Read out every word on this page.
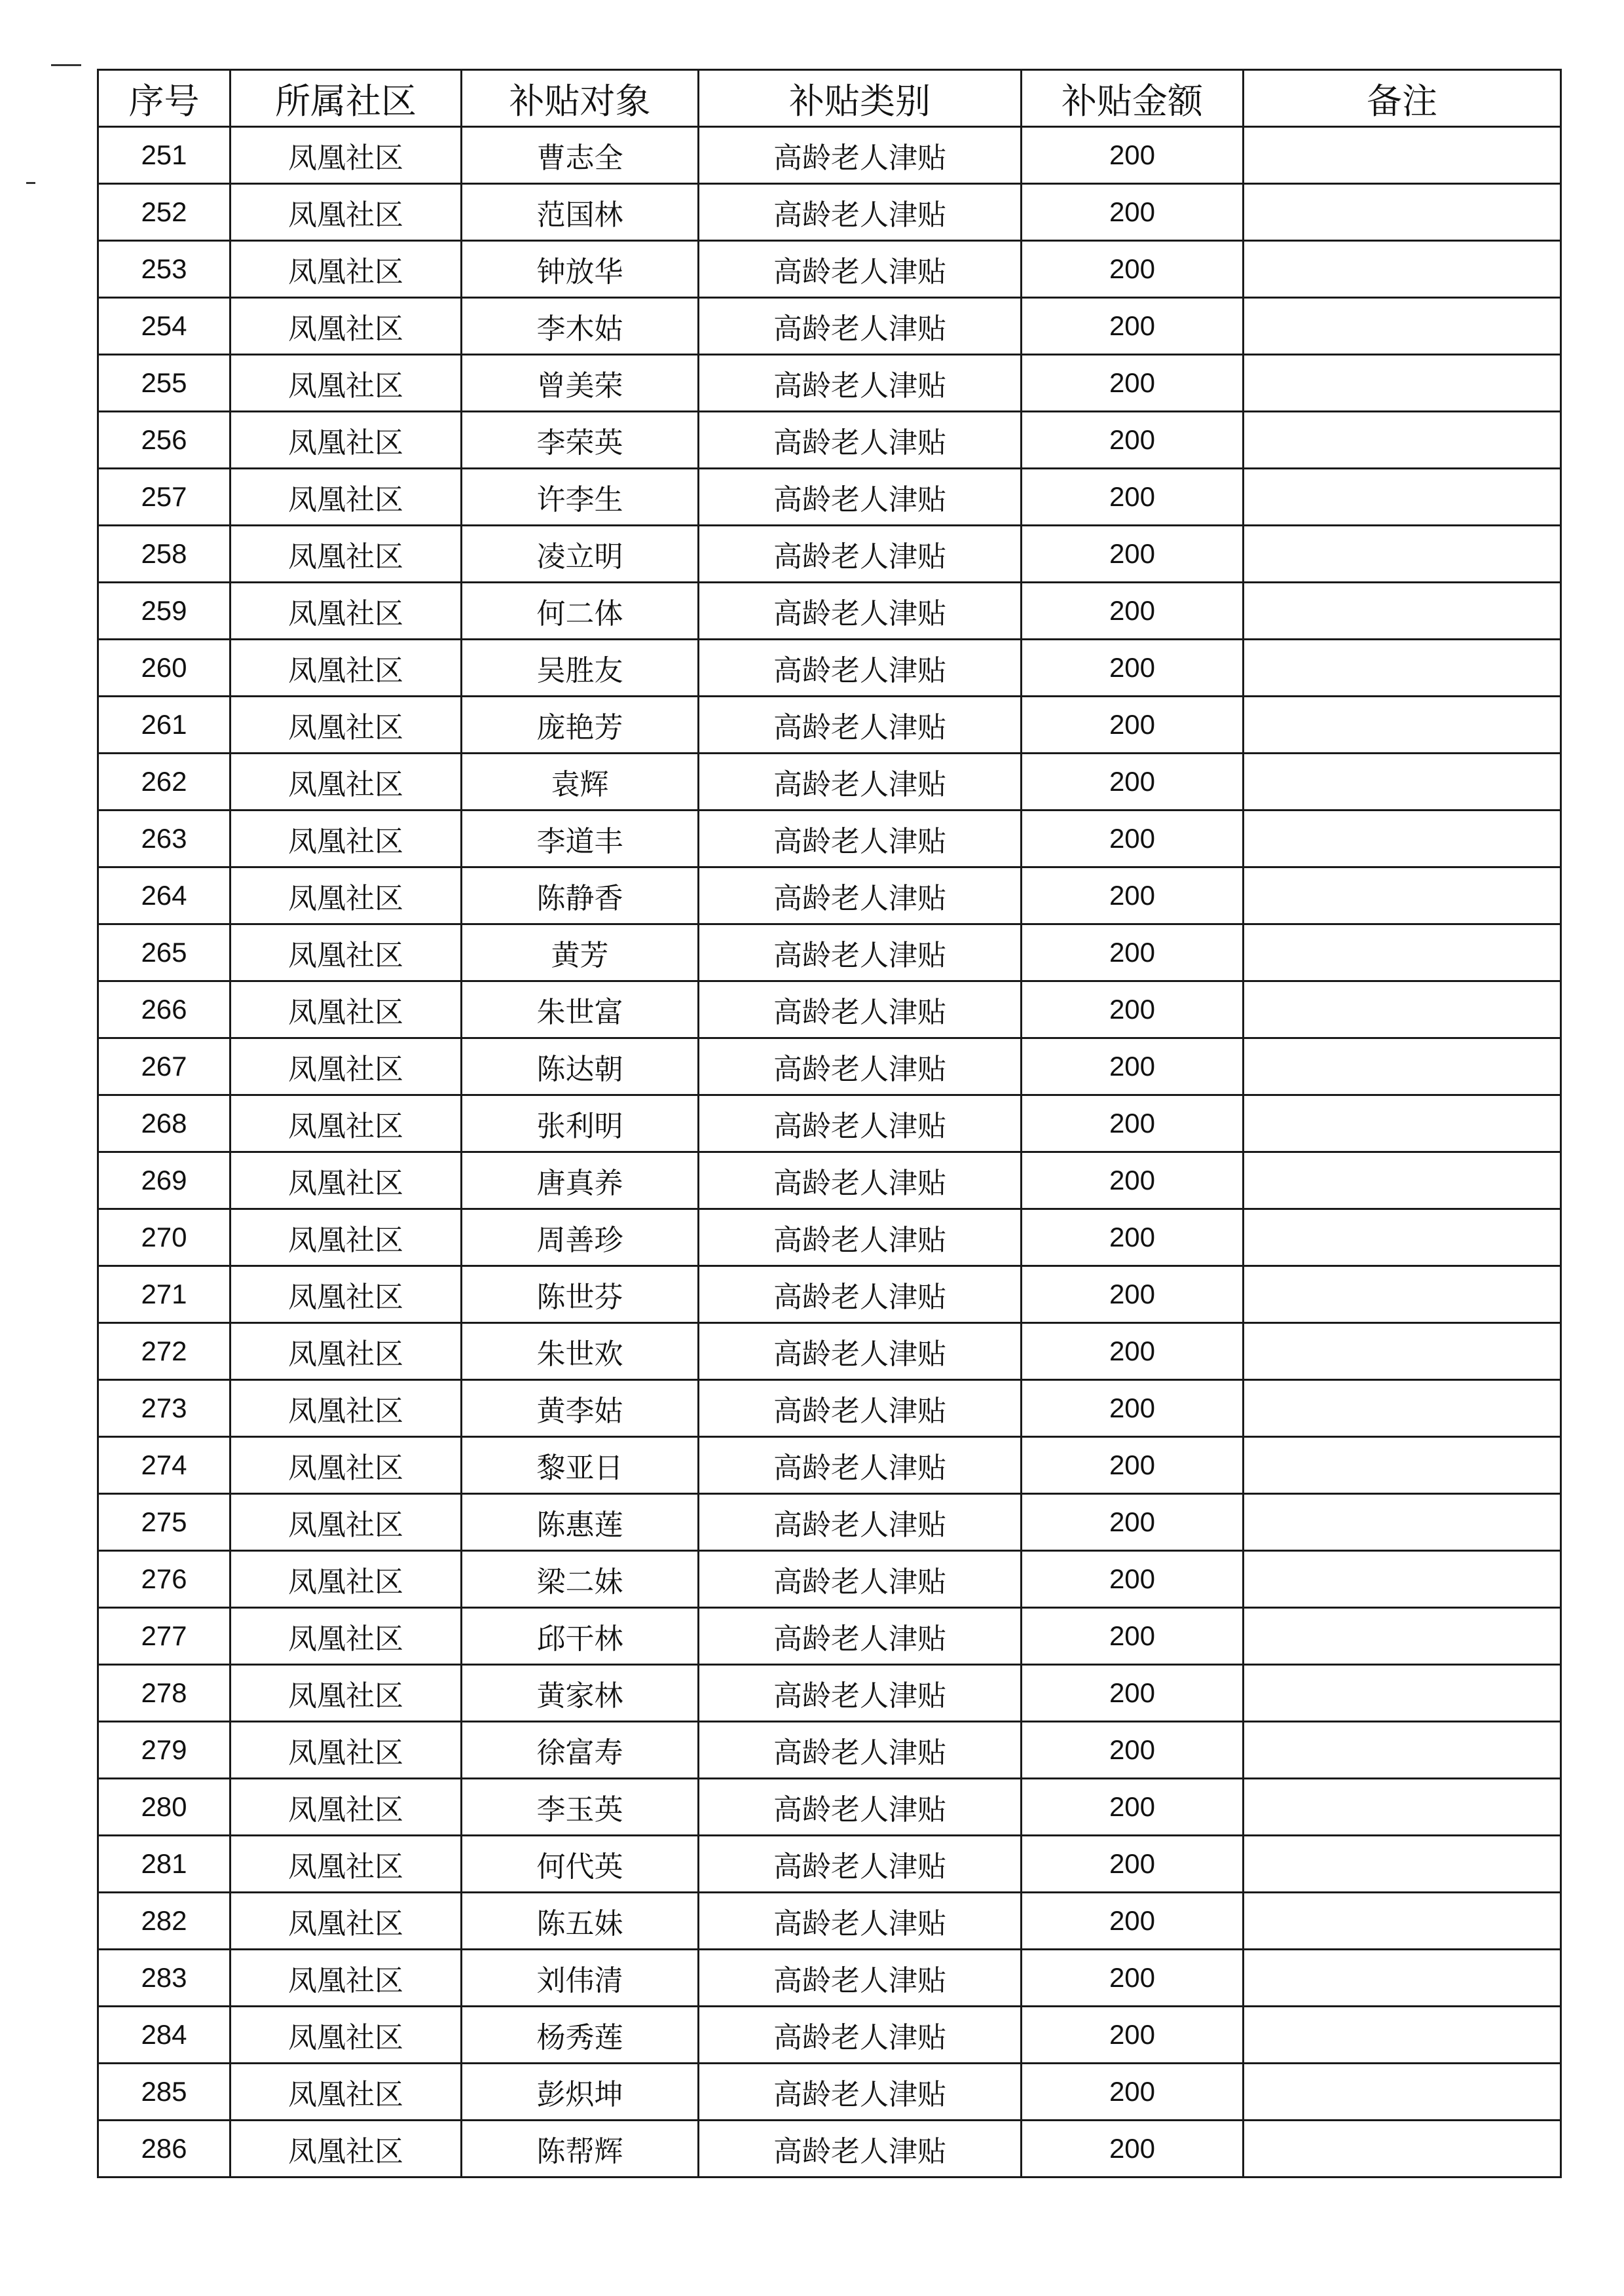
序号	所属社区	补贴对象	补贴类别	补贴金额	备注
251	凤凰社区	曹志全	高龄老人津贴	200	
252	凤凰社区	范国林	高龄老人津贴	200	
253	凤凰社区	钟放华	高龄老人津贴	200	
254	凤凰社区	李木姑	高龄老人津贴	200	
255	凤凰社区	曾美荣	高龄老人津贴	200	
256	凤凰社区	李荣英	高龄老人津贴	200	
257	凤凰社区	许李生	高龄老人津贴	200	
258	凤凰社区	凌立明	高龄老人津贴	200	
259	凤凰社区	何二体	高龄老人津贴	200	
260	凤凰社区	吴胜友	高龄老人津贴	200	
261	凤凰社区	庞艳芳	高龄老人津贴	200	
262	凤凰社区	袁辉	高龄老人津贴	200	
263	凤凰社区	李道丰	高龄老人津贴	200	
264	凤凰社区	陈静香	高龄老人津贴	200	
265	凤凰社区	黄芳	高龄老人津贴	200	
266	凤凰社区	朱世富	高龄老人津贴	200	
267	凤凰社区	陈达朝	高龄老人津贴	200	
268	凤凰社区	张利明	高龄老人津贴	200	
269	凤凰社区	唐真养	高龄老人津贴	200	
270	凤凰社区	周善珍	高龄老人津贴	200	
271	凤凰社区	陈世芬	高龄老人津贴	200	
272	凤凰社区	朱世欢	高龄老人津贴	200	
273	凤凰社区	黄李姑	高龄老人津贴	200	
274	凤凰社区	黎亚日	高龄老人津贴	200	
275	凤凰社区	陈惠莲	高龄老人津贴	200	
276	凤凰社区	梁二妹	高龄老人津贴	200	
277	凤凰社区	邱干林	高龄老人津贴	200	
278	凤凰社区	黄家林	高龄老人津贴	200	
279	凤凰社区	徐富寿	高龄老人津贴	200	
280	凤凰社区	李玉英	高龄老人津贴	200	
281	凤凰社区	何代英	高龄老人津贴	200	
282	凤凰社区	陈五妹	高龄老人津贴	200	
283	凤凰社区	刘伟清	高龄老人津贴	200	
284	凤凰社区	杨秀莲	高龄老人津贴	200	
285	凤凰社区	彭炽坤	高龄老人津贴	200	
286	凤凰社区	陈帮辉	高龄老人津贴	200	
